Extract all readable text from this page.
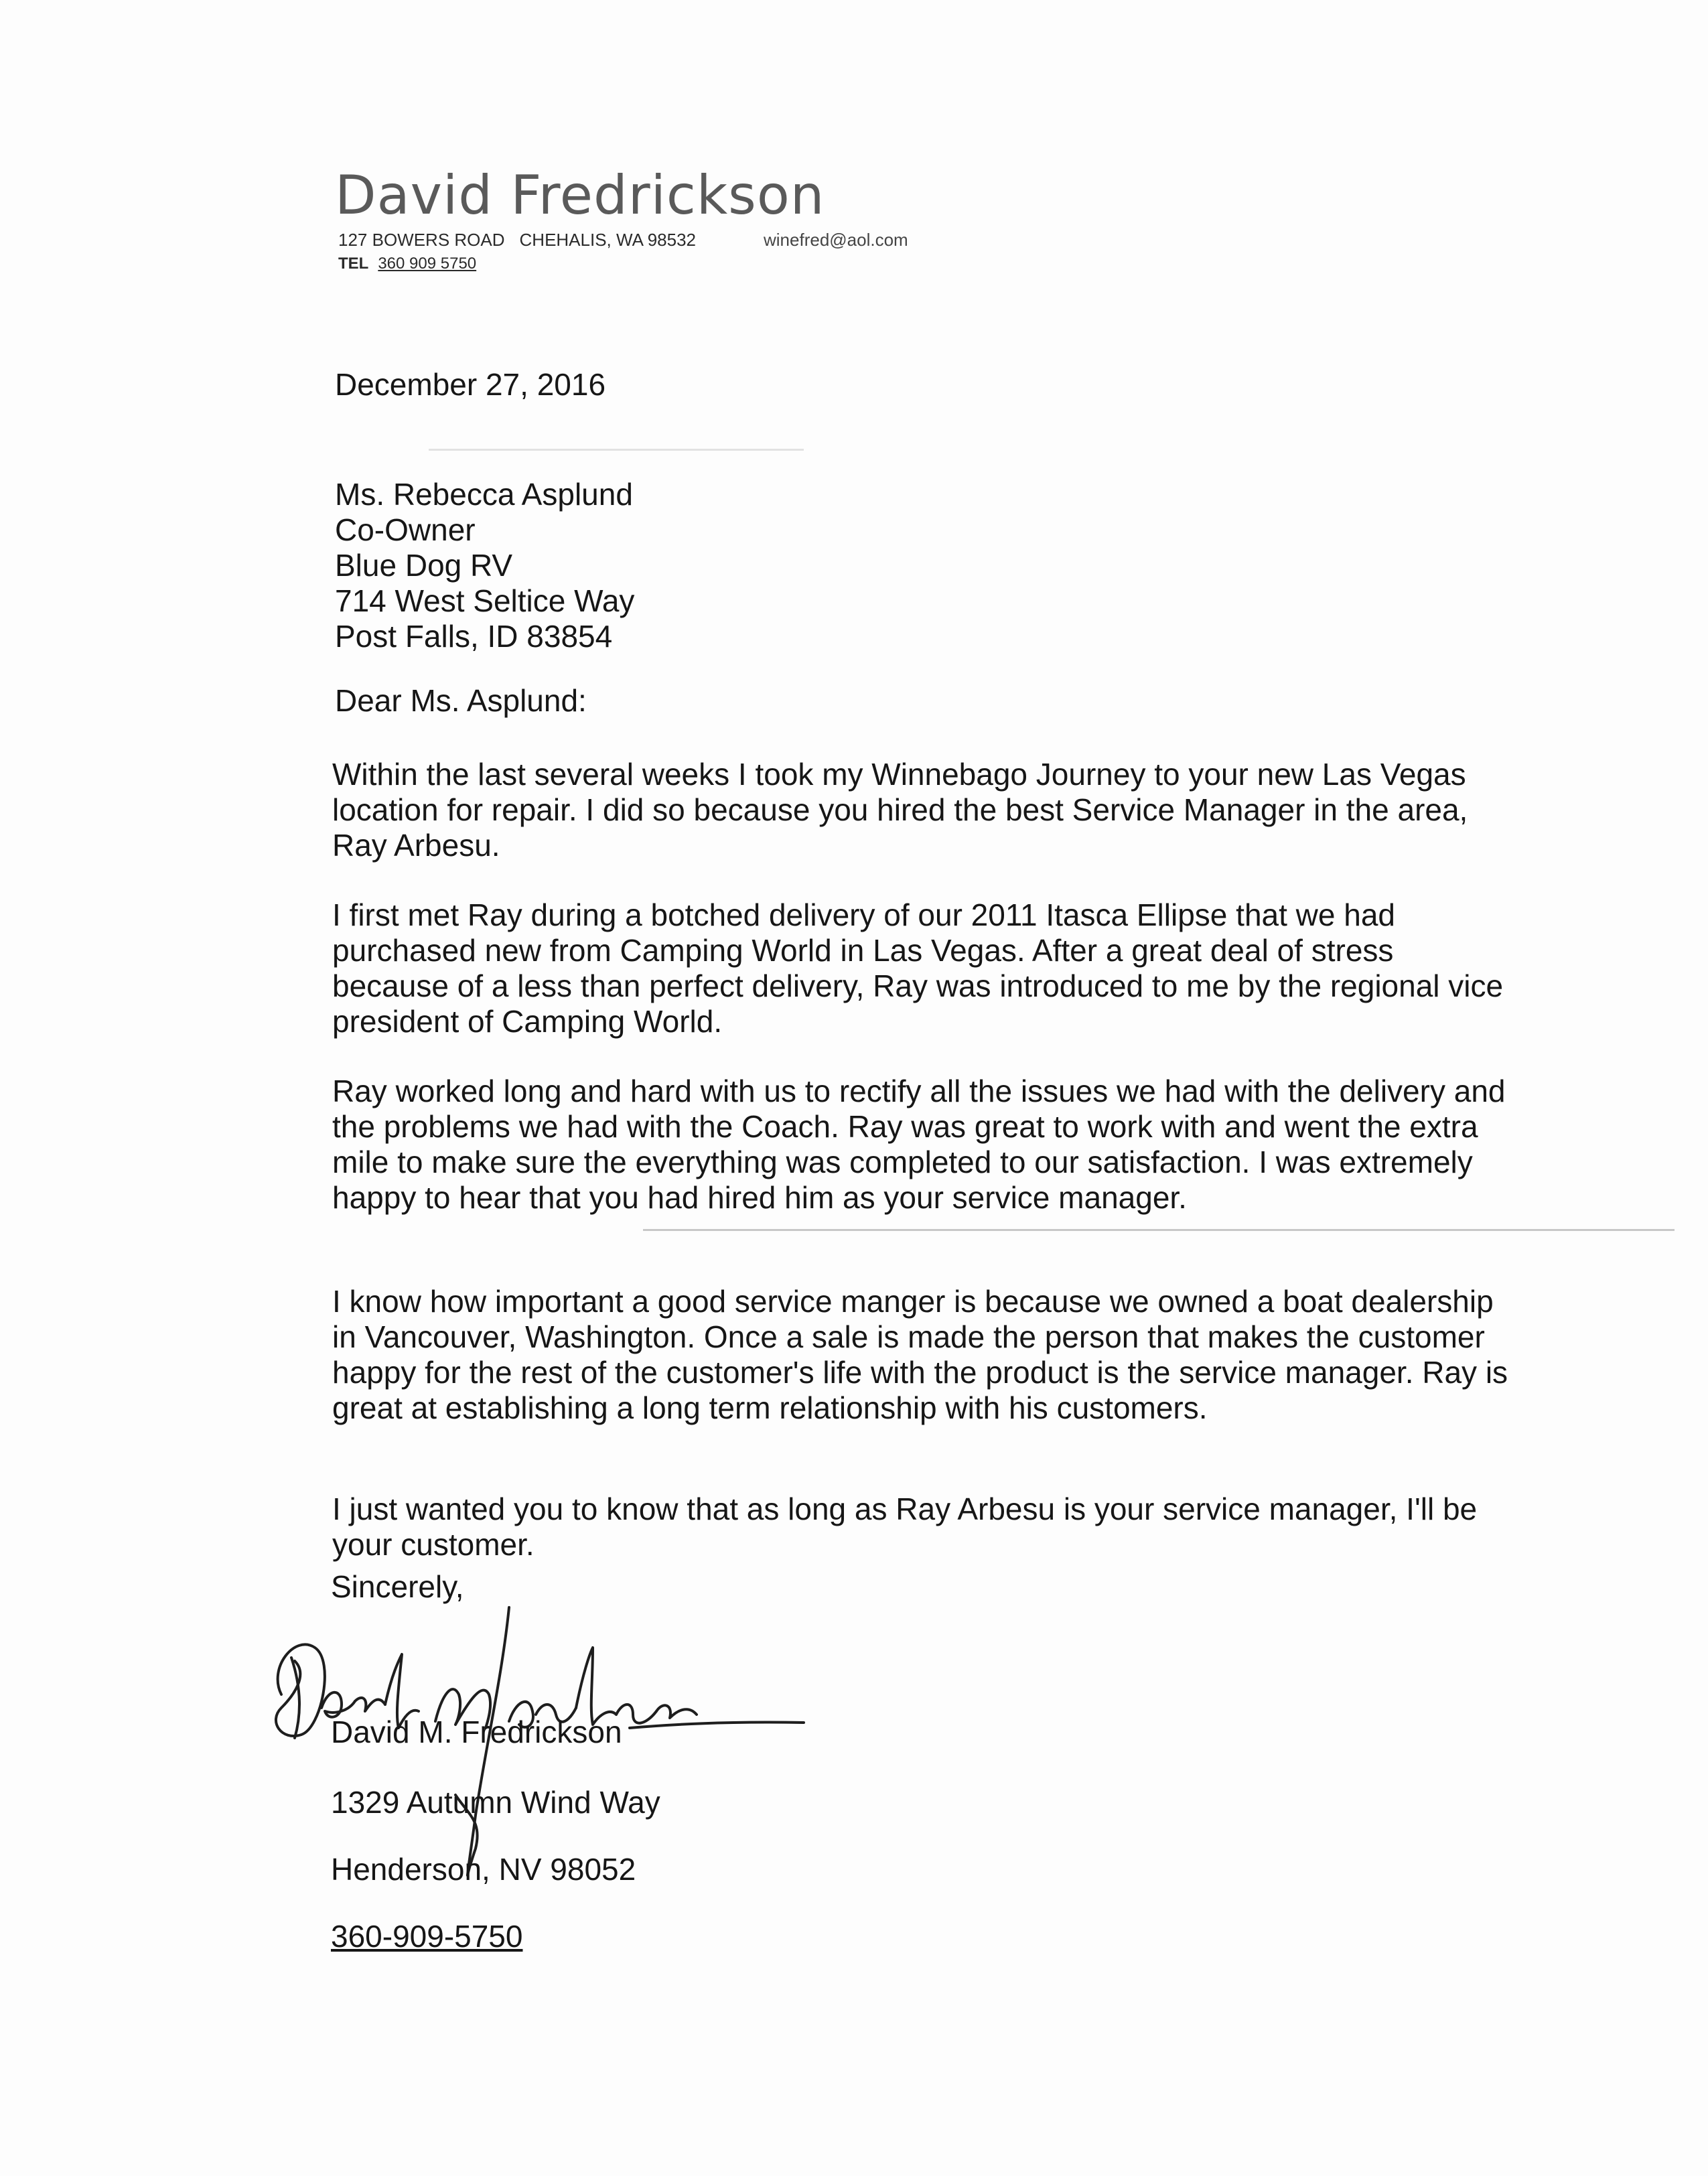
David Fredrickson
127 BOWERS ROAD CHEHALIS, WA 98532	winefred@aol.com
TEL 360 909 5750
December 27, 2016
Ms. Rebecca Asplund
Co-Owner
Blue Dog RV
714 West Seltice Way
Post Falls, ID 83854
Dear Ms. Asplund:
Within the last several weeks I took my Winnebago Journey to your new Las Vegas location for repair. I did so because you hired the best Service Manager in the area, Ray Arbesu.
I first met Ray during a botched delivery of our 2011 Itasca Ellipse that we had purchased new from Camping World in Las Vegas. After a great deal of stress because of a less than perfect delivery, Ray was introduced to me by the regional vice president of Camping World.
Ray worked long and hard with us to rectify all the issues we had with the delivery and the problems we had with the Coach. Ray was great to work with and went the extra mile to make sure the everything was completed to our satisfaction. I was extremely happy to hear that you had hired him as your service manager.
I know how important a good service manger is because we owned a boat dealership in Vancouver, Washington. Once a sale is made the person that makes the customer happy for the rest of the customer's life with the product is the service manager. Ray is great at establishing a long term relationship with his customers.
I just wanted you to know that as long as Ray Arbesu is your service manager, I'll be your customer.
Sincerely,
David M. Fredrickson
1329 Autumn Wind Way
Henderson, NV 98052
360-909-5750
